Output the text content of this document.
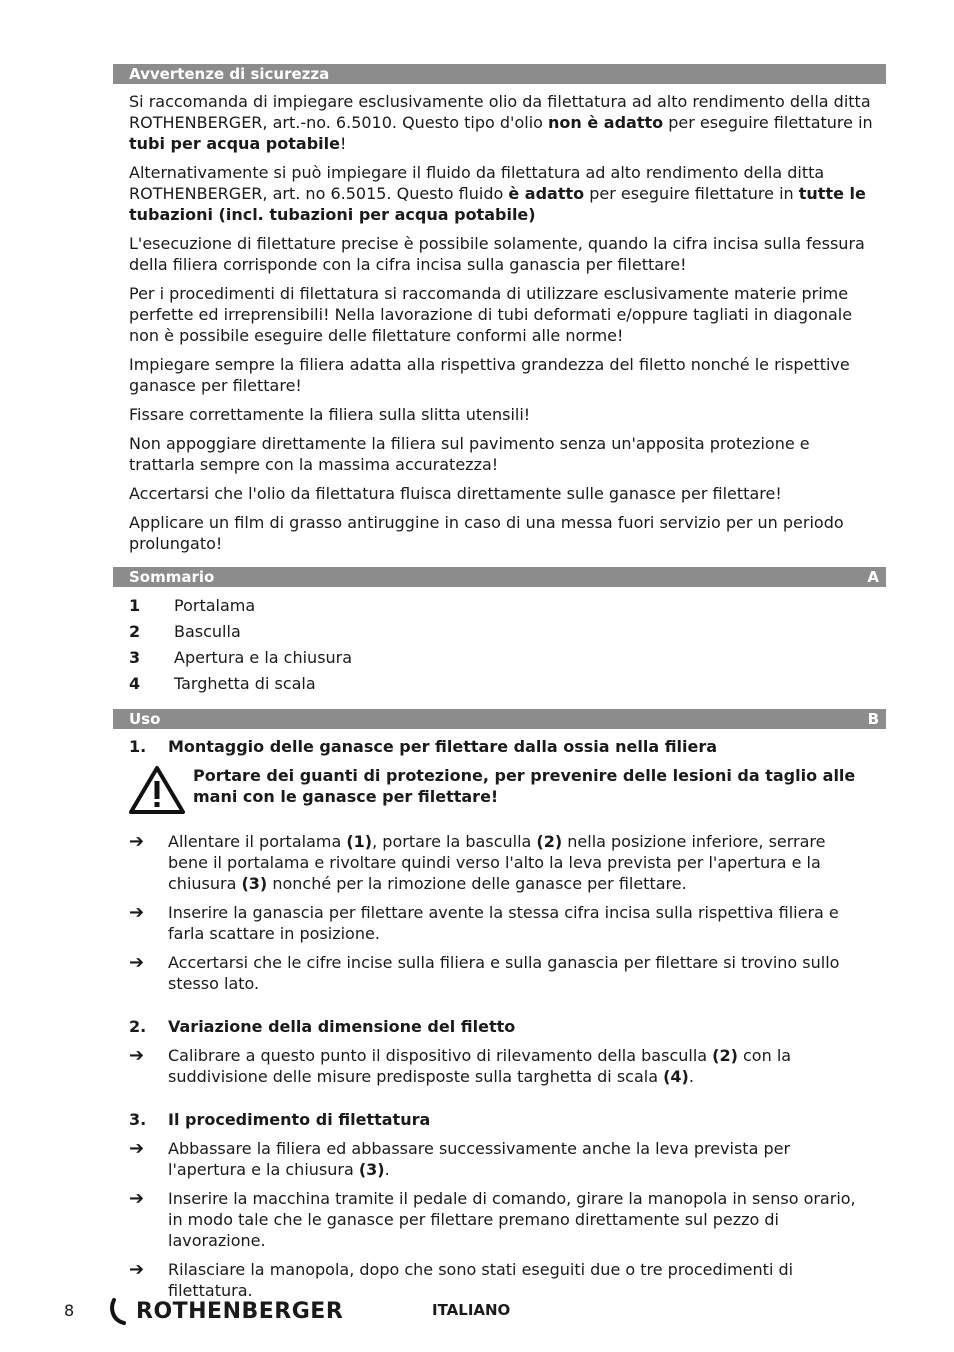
Avvertenze di sicurezza
Si raccomanda di impiegare esclusivamente olio da filettatura ad alto rendimento della ditta ROTHENBERGER, art.-no. 6.5010. Questo tipo d'olio non è adatto per eseguire filettature in tubi per acqua potabile!
Alternativamente si può impiegare il fluido da filettatura ad alto rendimento della ditta ROTHENBERGER, art. no 6.5015. Questo fluido è adatto per eseguire filettature in tutte le tubazioni (incl. tubazioni per acqua potabile)
L'esecuzione di filettature precise è possibile solamente, quando la cifra incisa sulla fessura della filiera corrisponde con la cifra incisa sulla ganascia per filettare!
Per i procedimenti di filettatura si raccomanda di utilizzare esclusivamente materie prime perfette ed irreprensibili! Nella lavorazione di tubi deformati e/oppure tagliati in diagonale non è possibile eseguire delle filettature conformi alle norme!
Impiegare sempre la filiera adatta alla rispettiva grandezza del filetto nonché le rispettive ganasce per filettare!
Fissare correttamente la filiera sulla slitta utensili!
Non appoggiare direttamente la filiera sul pavimento senza un'apposita protezione e trattarla sempre con la massima accuratezza!
Accertarsi che l'olio da filettatura fluisca direttamente sulle ganasce per filettare!
Applicare un film di grasso antiruggine in caso di una messa fuori servizio per un periodo prolungato!
Sommario	A
1	Portalama
2	Basculla
3	Apertura e la chiusura
4	Targhetta di scala
Uso	B
1.	Montaggio delle ganasce per filettare dalla ossia nella filiera
Portare dei guanti di protezione, per prevenire delle lesioni da taglio alle mani con le ganasce per filettare!
➔	Allentare il portalama (1), portare la basculla (2) nella posizione inferiore, serrare bene il portalama e rivoltare quindi verso l'alto la leva prevista per l'apertura e la chiusura (3) nonché per la rimozione delle ganasce per filettare.
➔	Inserire la ganascia per filettare avente la stessa cifra incisa sulla rispettiva filiera e farla scattare in posizione.
➔	Accertarsi che le cifre incise sulla filiera e sulla ganascia per filettare si trovino sullo stesso lato.
2.	Variazione della dimensione del filetto
➔	Calibrare a questo punto il dispositivo di rilevamento della basculla (2) con la suddivisione delle misure predisposte sulla targhetta di scala (4).
3.	Il procedimento di filettatura
➔	Abbassare la filiera ed abbassare successivamente anche la leva prevista per l'apertura e la chiusura (3).
➔	Inserire la macchina tramite il pedale di comando, girare la manopola in senso orario, in modo tale che le ganasce per filettare premano direttamente sul pezzo di lavorazione.
➔	Rilasciare la manopola, dopo che sono stati eseguiti due o tre procedimenti di filettatura.
8	ROTHENBERGER	ITALIANO
